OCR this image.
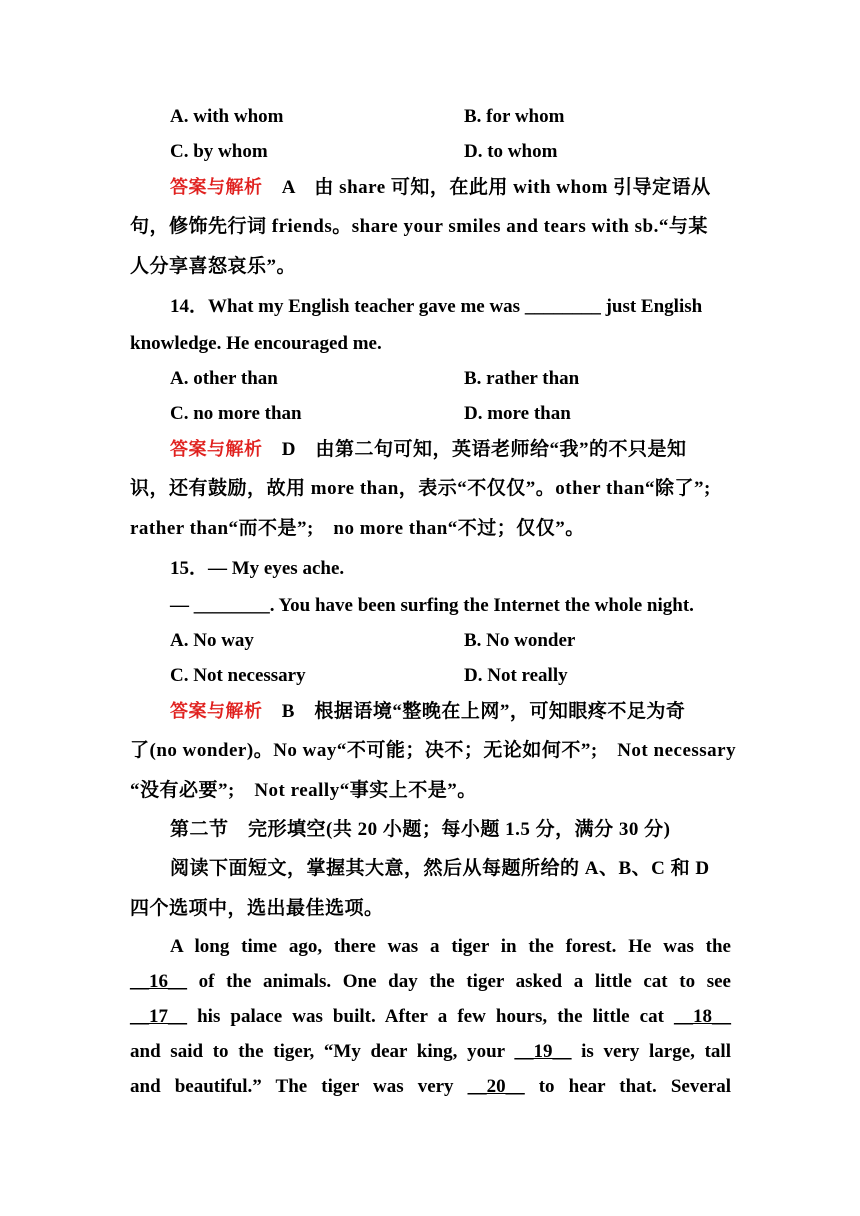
A. with whom	B. for whom
C. by whom	D. to whom
答案与解析 A　由 share 可知，在此用 with whom 引导定语从
句，修饰先行词 friends。share your smiles and tears with sb.“与某
人分享喜怒哀乐”。
14．What my English teacher gave me was ________ just English
knowledge. He encouraged me.
A. other than	B. rather than
C. no more than	D. more than
答案与解析 D　由第二句可知，英语老师给“我”的不只是知
识，还有鼓励，故用 more than，表示“不仅仅”。other than“除了”;
rather than“而不是”;　no more than“不过；仅仅”。
15．— My eyes ache.
— ________. You have been surfing the Internet the whole night.
A. No way	B. No wonder
C. Not necessary	D. Not really
答案与解析 B　根据语境“整晚在上网”，可知眼疼不足为奇
了(no wonder)。No way“不可能；决不；无论如何不”;　Not necessary
“没有必要”;　Not really“事实上不是”。
第二节　完形填空(共 20 小题；每小题 1.5 分，满分 30 分)
阅读下面短文，掌握其大意，然后从每题所给的 A、B、C 和 D
四个选项中，选出最佳选项。
A long time ago, there was a tiger in the forest. He was the
__16__ of the animals. One day the tiger asked a little cat to see
__17__ his palace was built. After a few hours, the little cat __18__
and said to the tiger, “My dear king, your __19__ is very large, tall
and beautiful.” The tiger was very __20__ to hear that. Several
